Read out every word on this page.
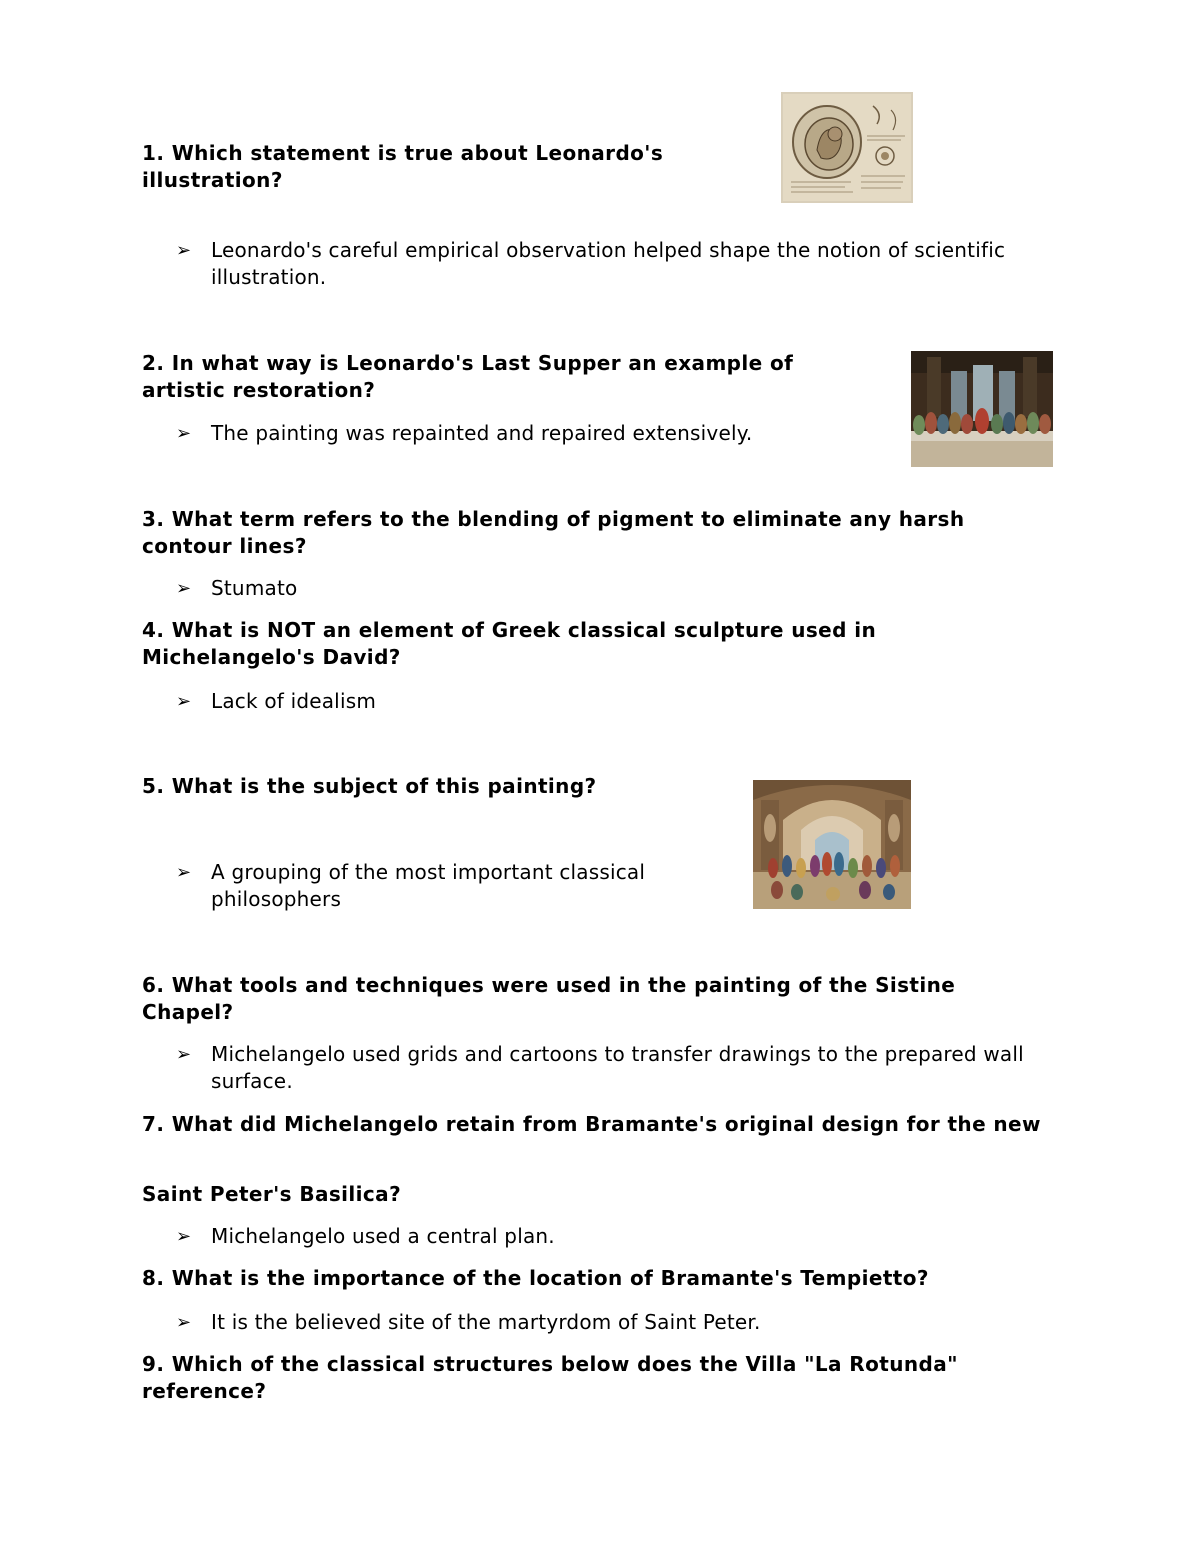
1. Which statement is true about Leonardo's illustration?

➢ Leonardo's careful empirical observation helped shape the notion of scientific illustration.

2. In what way is Leonardo's Last Supper an example of artistic restoration?

➢ The painting was repainted and repaired extensively.

3. What term refers to the blending of pigment to eliminate any harsh contour lines?

➢ Stumato

4. What is NOT an element of Greek classical sculpture used in Michelangelo's David?

➢ Lack of idealism

5. What is the subject of this painting?

➢ A grouping of the most important classical philosophers

6. What tools and techniques were used in the painting of the Sistine Chapel?

➢ Michelangelo used grids and cartoons to transfer drawings to the prepared wall surface.

7. What did Michelangelo retain from Bramante's original design for the new

Saint Peter's Basilica?

➢ Michelangelo used a central plan.

8. What is the importance of the location of Bramante's Tempietto?

➢ It is the believed site of the martyrdom of Saint Peter.

9. Which of the classical structures below does the Villa "La Rotunda" reference?
